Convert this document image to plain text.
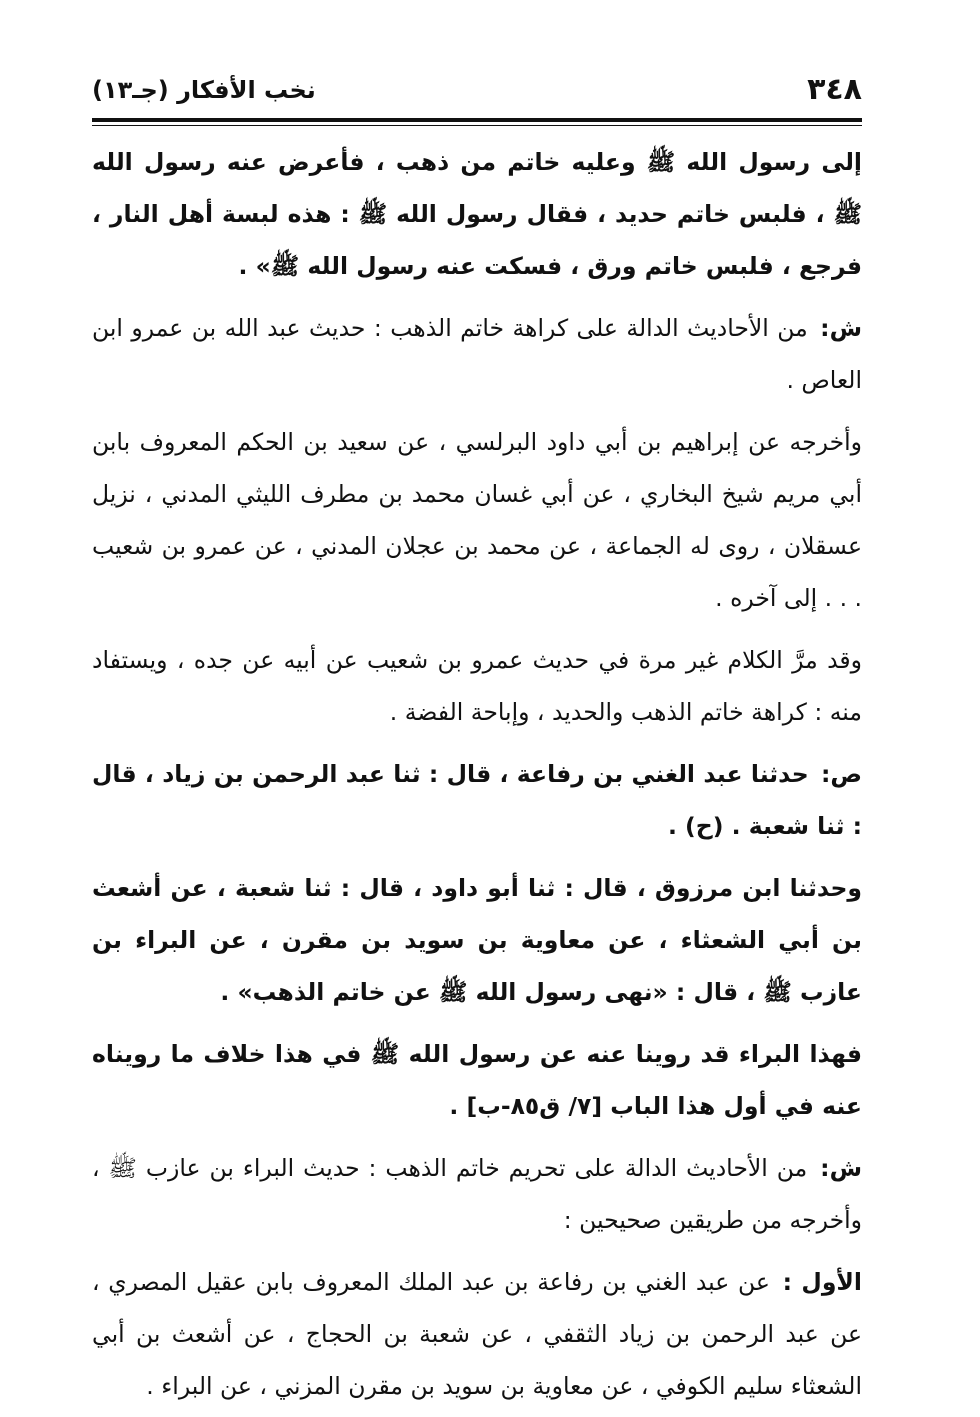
٣٤٨
نخب الأفكار (جـ١٣)

إلى رسول الله ﷺ وعليه خاتم من ذهب ، فأعرض عنه رسول الله ﷺ ، فلبس خاتم حديد ، فقال رسول الله ﷺ : هذه لبسة أهل النار ، فرجع ، فلبس خاتم ورق ، فسكت عنه رسول الله ﷺ» .

ش: من الأحاديث الدالة على كراهة خاتم الذهب : حديث عبد الله بن عمرو ابن العاص .

وأخرجه عن إبراهيم بن أبي داود البرلسي ، عن سعيد بن الحكم المعروف بابن أبي مريم شيخ البخاري ، عن أبي غسان محمد بن مطرف الليثي المدني ، نزيل عسقلان ، روى له الجماعة ، عن محمد بن عجلان المدني ، عن عمرو بن شعيب . . . إلى آخره .

وقد مرَّ الكلام غير مرة في حديث عمرو بن شعيب عن أبيه عن جده ، ويستفاد منه : كراهة خاتم الذهب والحديد ، وإباحة الفضة .

ص: حدثنا عبد الغني بن رفاعة ، قال : ثنا عبد الرحمن بن زياد ، قال : ثنا شعبة . (ح) .

وحدثنا ابن مرزوق ، قال : ثنا أبو داود ، قال : ثنا شعبة ، عن أشعث بن أبي الشعثاء ، عن معاوية بن سويد بن مقرن ، عن البراء بن عازب ﷺ ، قال : «نهى رسول الله ﷺ عن خاتم الذهب» .

فهذا البراء قد روينا عنه عن رسول الله ﷺ في هذا خلاف ما رويناه عنه في أول هذا الباب [٧/ ق٨٥-ب] .

ش: من الأحاديث الدالة على تحريم خاتم الذهب : حديث البراء بن عازب ﷺ ، وأخرجه من طريقين صحيحين :

الأول : عن عبد الغني بن رفاعة بن عبد الملك المعروف بابن عقيل المصري ، عن عبد الرحمن بن زياد الثقفي ، عن شعبة بن الحجاج ، عن أشعث بن أبي الشعثاء سليم الكوفي ، عن معاوية بن سويد بن مقرن المزني ، عن البراء .
